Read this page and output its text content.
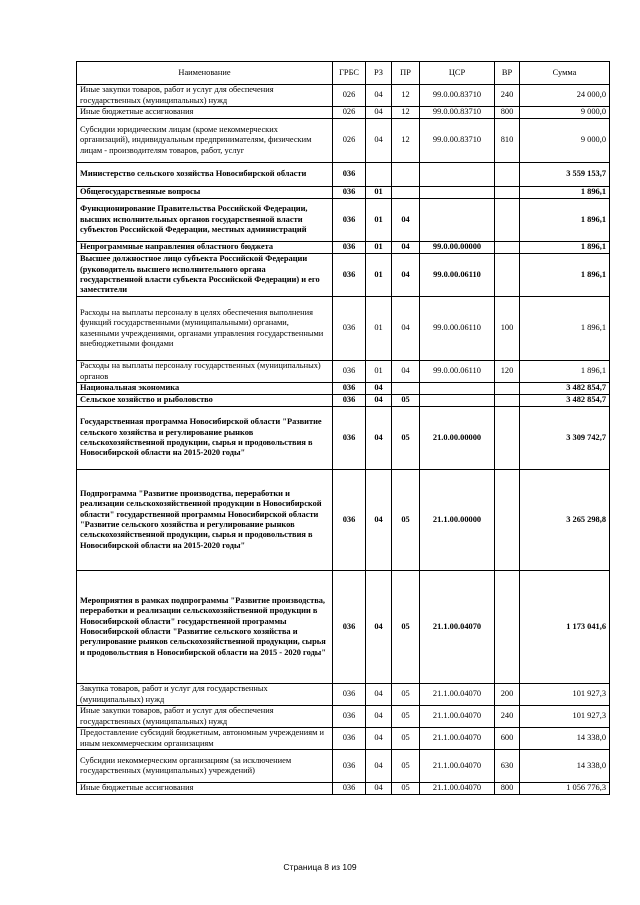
Наименование	ГРБС	РЗ	ПР	ЦСР	ВР	Сумма
Иные закупки товаров, работ и услуг для обеспечения государственных (муниципальных) нужд	026	04	12	99.0.00.83710	240	24 000,0
Иные бюджетные ассигнования	026	04	12	99.0.00.83710	800	9 000,0
Субсидии юридическим лицам (кроме некоммерческих организаций), индивидуальным предпринимателям, физическим лицам - производителям товаров, работ, услуг	026	04	12	99.0.00.83710	810	9 000,0
Министерство сельского хозяйства Новосибирской области	036					3 559 153,7
Общегосударственные вопросы	036	01				1 896,1
Функционирование Правительства Российской Федерации, высших исполнительных органов государственной власти субъектов Российской Федерации, местных администраций	036	01	04			1 896,1
Непрограммные направления областного бюджета	036	01	04	99.0.00.00000		1 896,1
Высшее должностное лицо субъекта Российской Федерации (руководитель высшего исполнительного органа государственной власти субъекта Российской Федерации) и его заместители	036	01	04	99.0.00.06110		1 896,1
Расходы на выплаты персоналу в целях обеспечения выполнения функций государственными (муниципальными) органами, казенными учреждениями, органами управления государственными внебюджетными фондами	036	01	04	99.0.00.06110	100	1 896,1
Расходы на выплаты персоналу государственных (муниципальных) органов	036	01	04	99.0.00.06110	120	1 896,1
Национальная экономика	036	04				3 482 854,7
Сельское хозяйство и рыболовство	036	04	05			3 482 854,7
Государственная программа Новосибирской области "Развитие сельского хозяйства и регулирование рынков сельскохозяйственной продукции, сырья и продовольствия в Новосибирской области на 2015-2020 годы"	036	04	05	21.0.00.00000		3 309 742,7
Подпрограмма "Развитие производства, переработки и реализации сельскохозяйственной продукции в Новосибирской области" государственной программы Новосибирской области "Развитие сельского хозяйства и регулирование рынков сельскохозяйственной продукции, сырья и продовольствия в Новосибирской области на 2015-2020 годы"	036	04	05	21.1.00.00000		3 265 298,8
Мероприятия в рамках подпрограммы "Развитие производства, переработки и реализации сельскохозяйственной продукции в Новосибирской области" государственной программы Новосибирской области "Развитие сельского хозяйства и регулирование рынков сельскохозяйственной продукции, сырья и продовольствия в Новосибирской области на 2015 - 2020 годы"	036	04	05	21.1.00.04070		1 173 041,6
Закупка товаров, работ и услуг для государственных (муниципальных) нужд	036	04	05	21.1.00.04070	200	101 927,3
Иные закупки товаров, работ и услуг для обеспечения государственных (муниципальных) нужд	036	04	05	21.1.00.04070	240	101 927,3
Предоставление субсидий бюджетным, автономным учреждениям и иным некоммерческим организациям	036	04	05	21.1.00.04070	600	14 338,0
Субсидии некоммерческим организациям (за исключением государственных (муниципальных) учреждений)	036	04	05	21.1.00.04070	630	14 338,0
Иные бюджетные ассигнования	036	04	05	21.1.00.04070	800	1 056 776,3
Страница 8 из 109
